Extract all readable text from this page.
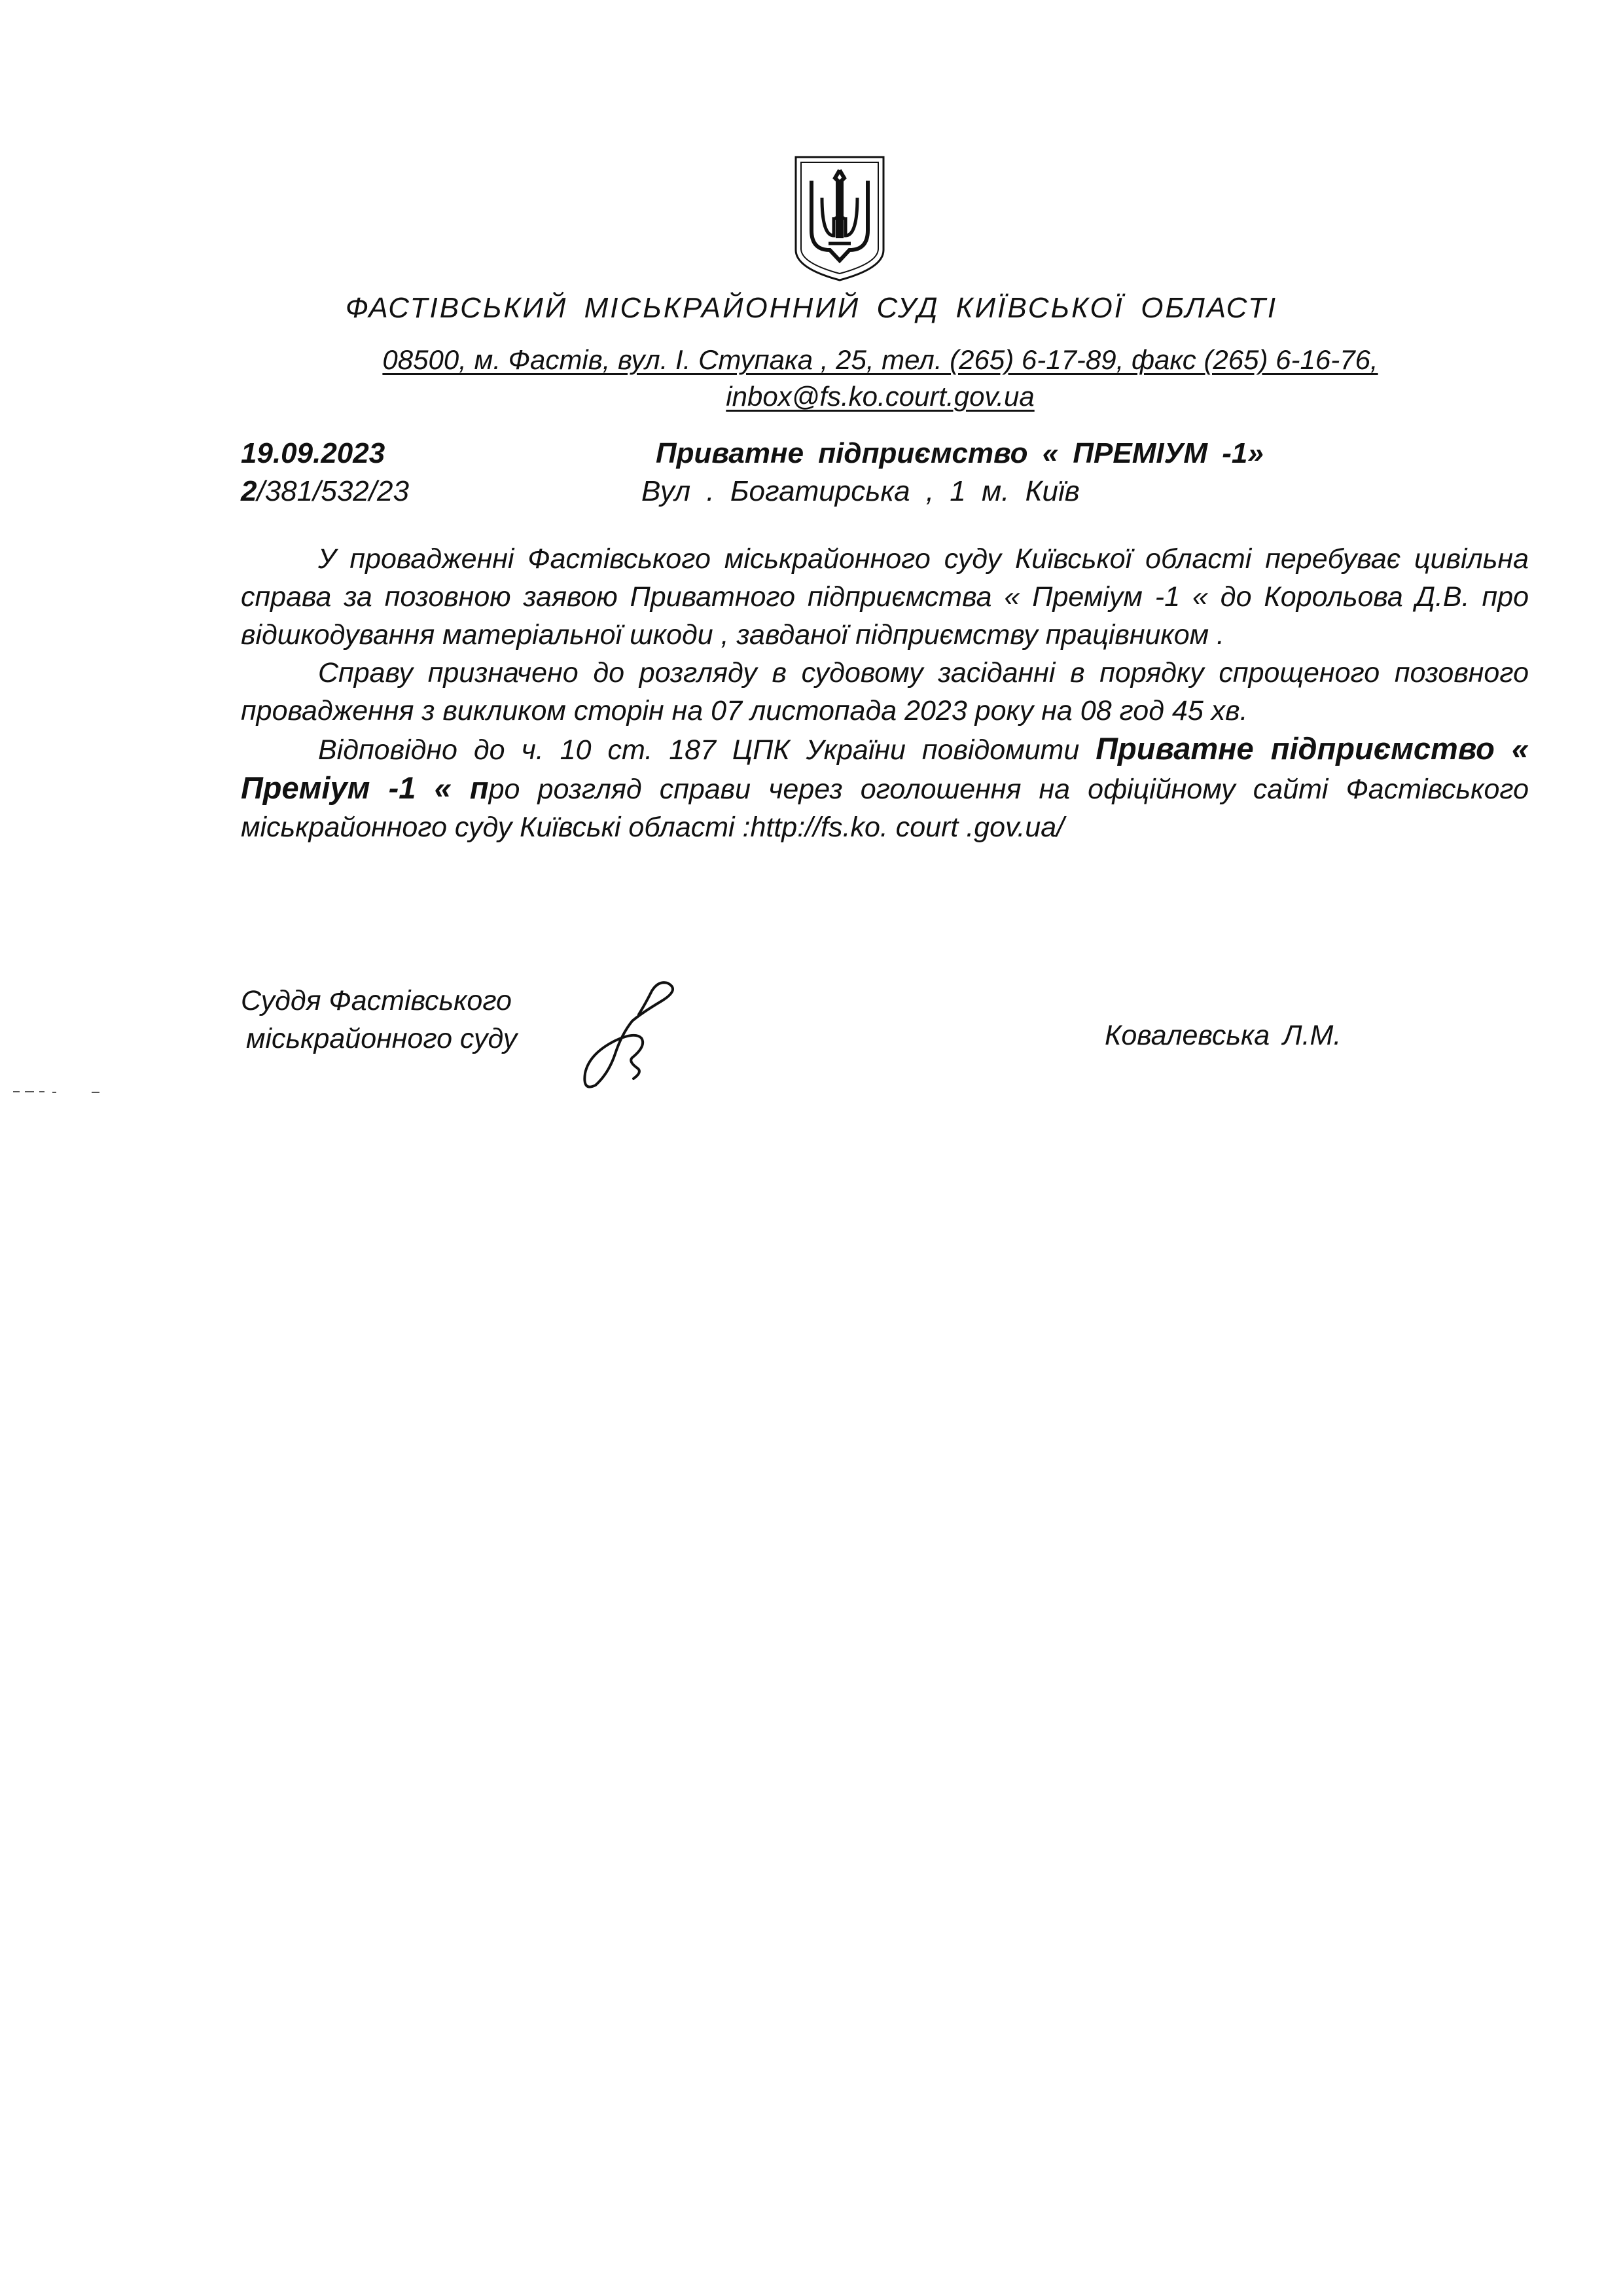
ФАСТІВСЬКИЙ МІСЬКРАЙОННИЙ СУД КИЇВСЬКОЇ ОБЛАСТІ
08500, м. Фастів, вул. І. Ступака , 25, тел. (265) 6-17-89, факс (265) 6-16-76,
inbox@fs.ko.court.gov.ua
19.09.2023
2/381/532/23
Приватне підприємство « ПРЕМІУМ -1»
Вул . Богатирська , 1 м. Київ

У провадженні Фастівського міськрайонного суду Київської області перебуває цивільна справа за позовною заявою Приватного підприємства « Преміум -1 « до Корольова Д.В. про відшкодування матеріальної шкоди , завданої підприємству працівником .

Справу призначено до розгляду в судовому засіданні в порядку спрощеного позовного провадження з викликом сторін на 07 листопада 2023 року на 08 год 45 хв.

Відповідно до ч. 10 ст. 187 ЦПК України повідомити Приватне підприємство « Преміум -1 « про розгляд справи через оголошення на офіційному сайті Фастівського міськрайонного суду Київські області :http://fs.ko. court .gov.ua/

Суддя Фастівського
міськрайонного суду	Ковалевська Л.М.
